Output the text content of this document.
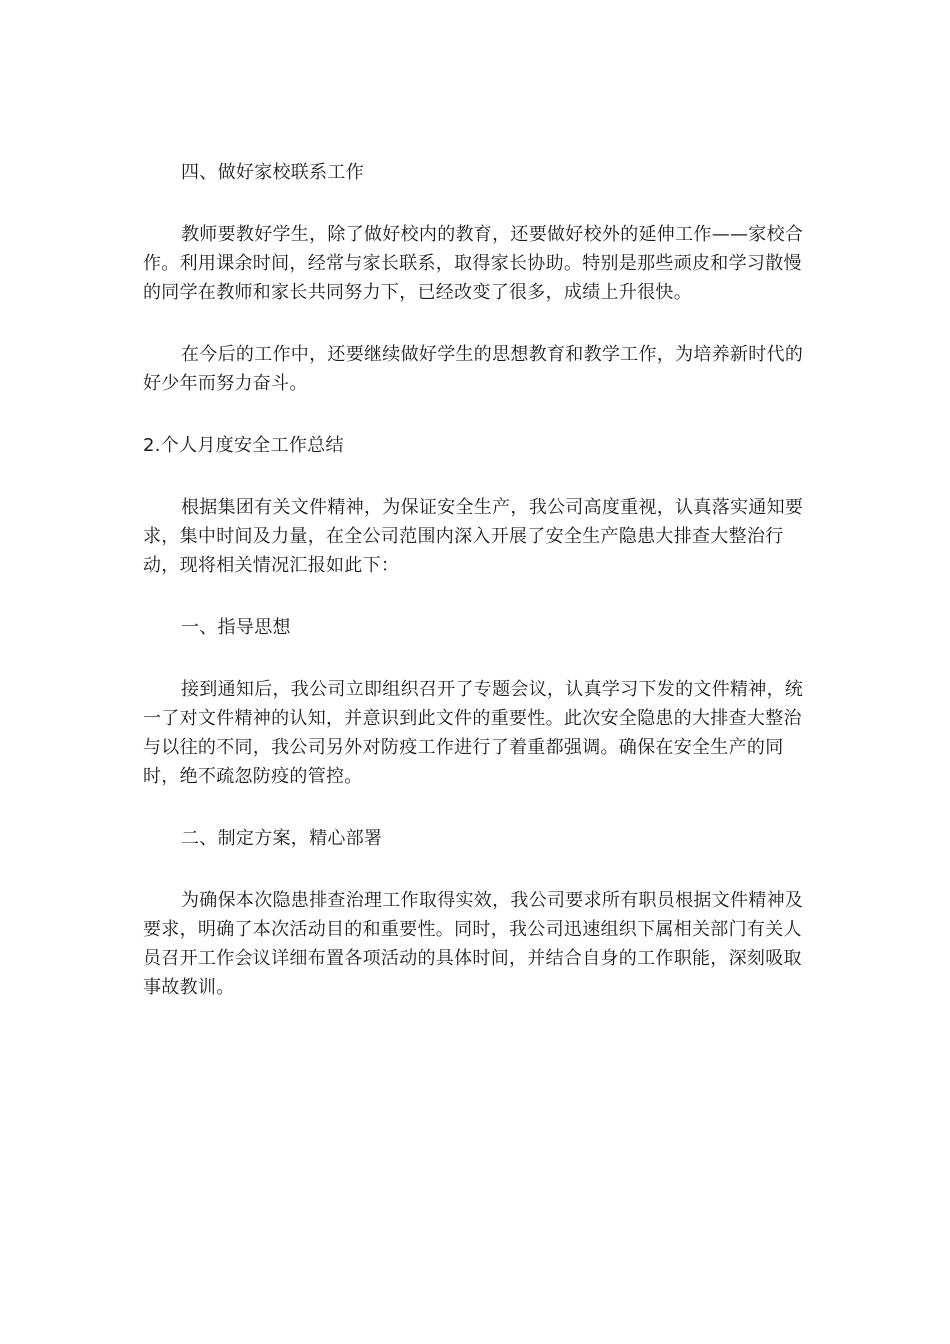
四、做好家校联系工作

教师要教好学生，除了做好校内的教育，还要做好校外的延伸工作——家校合作。利用课余时间，经常与家长联系，取得家长协助。特别是那些顽皮和学习散慢的同学在教师和家长共同努力下，已经改变了很多，成绩上升很快。

在今后的工作中，还要继续做好学生的思想教育和教学工作，为培养新时代的好少年而努力奋斗。

2.个人月度安全工作总结

根据集团有关文件精神，为保证安全生产，我公司高度重视，认真落实通知要求，集中时间及力量，在全公司范围内深入开展了安全生产隐患大排查大整治行动，现将相关情况汇报如此下：

一、指导思想

接到通知后，我公司立即组织召开了专题会议，认真学习下发的文件精神，统一了对文件精神的认知，并意识到此文件的重要性。此次安全隐患的大排查大整治与以往的不同，我公司另外对防疫工作进行了着重都强调。确保在安全生产的同时，绝不疏忽防疫的管控。

二、制定方案，精心部署

为确保本次隐患排查治理工作取得实效，我公司要求所有职员根据文件精神及要求，明确了本次活动目的和重要性。同时，我公司迅速组织下属相关部门有关人员召开工作会议详细布置各项活动的具体时间，并结合自身的工作职能，深刻吸取事故教训。
